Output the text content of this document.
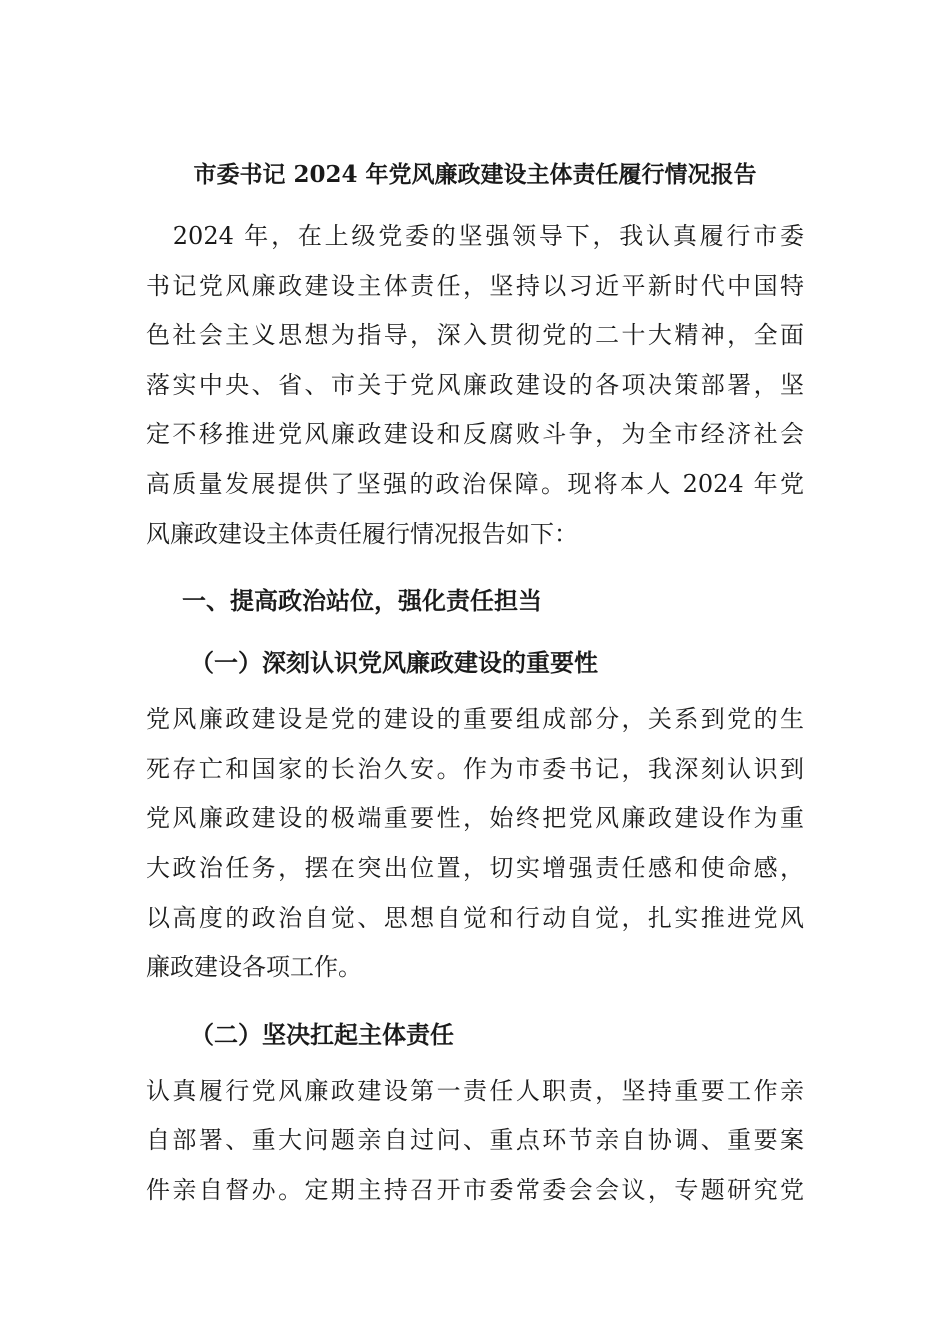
市委书记 2024 年党风廉政建设主体责任履行情况报告

　2024 年，在上级党委的坚强领导下，我认真履行市委
书记党风廉政建设主体责任，坚持以习近平新时代中国特
色社会主义思想为指导，深入贯彻党的二十大精神，全面
落实中央、省、市关于党风廉政建设的各项决策部署，坚
定不移推进党风廉政建设和反腐败斗争，为全市经济社会
高质量发展提供了坚强的政治保障。现将本人 2024 年党
风廉政建设主体责任履行情况报告如下：

一、提高政治站位，强化责任担当
（一）深刻认识党风廉政建设的重要性

党风廉政建设是党的建设的重要组成部分，关系到党的生
死存亡和国家的长治久安。作为市委书记，我深刻认识到
党风廉政建设的极端重要性，始终把党风廉政建设作为重
大政治任务，摆在突出位置，切实增强责任感和使命感，
以高度的政治自觉、思想自觉和行动自觉，扎实推进党风
廉政建设各项工作。

（二）坚决扛起主体责任

认真履行党风廉政建设第一责任人职责，坚持重要工作亲
自部署、重大问题亲自过问、重点环节亲自协调、重要案
件亲自督办。定期主持召开市委常委会会议，专题研究党
